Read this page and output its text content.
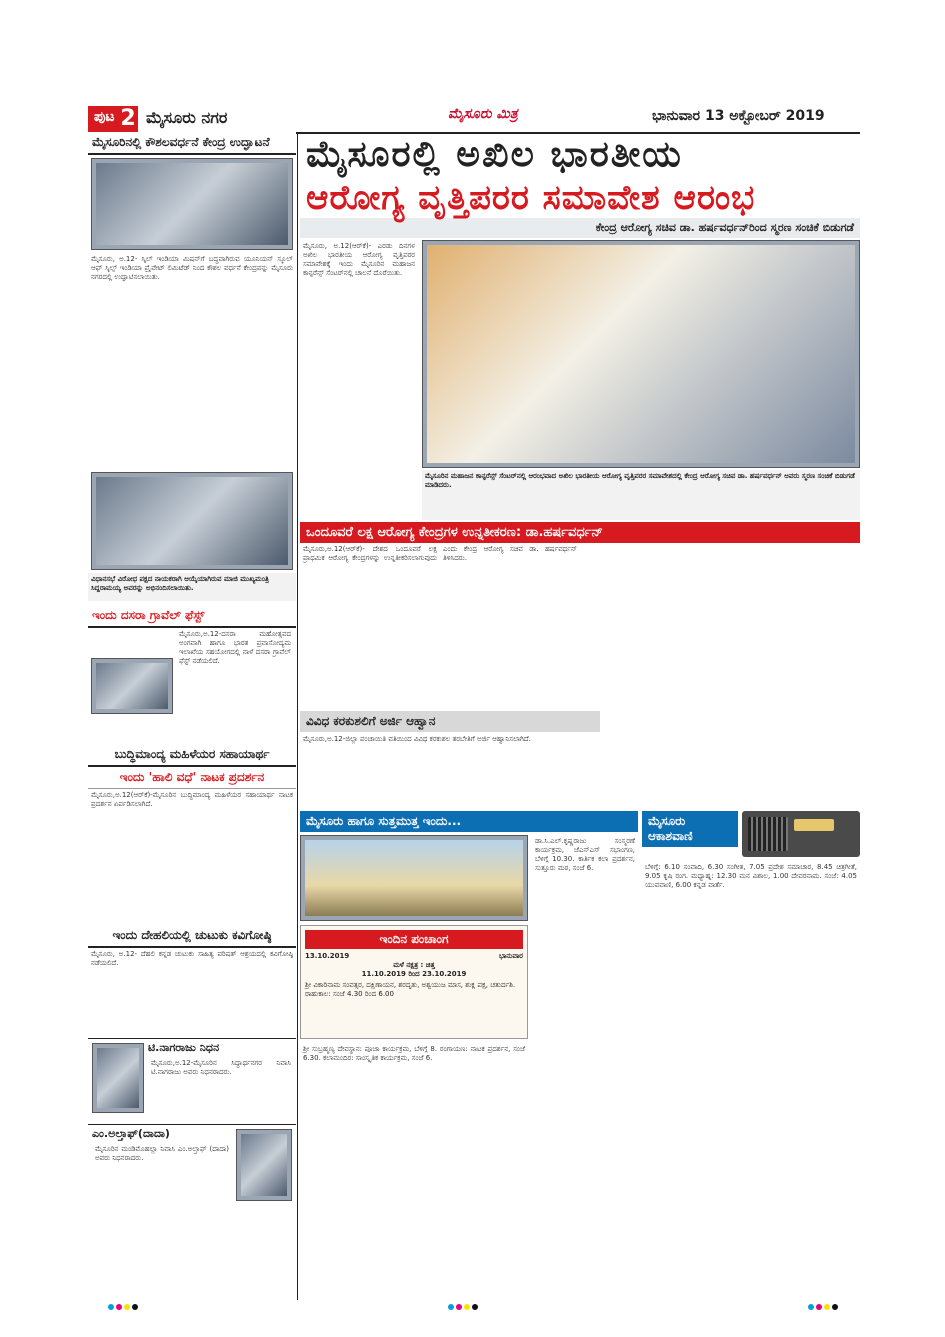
ಪುಟ 2 ಮೈಸೂರು ನಗರ	ಮೈಸೂರು ಮಿತ್ರ	ಭಾನುವಾರ 13 ಅಕ್ಟೋಬರ್ 2019
ಮೈಸೂರಿನಲ್ಲಿ ಕೌಶಲವರ್ಧನೆ ಕೇಂದ್ರ ಉದ್ಘಾಟನೆ
ಮೈಸೂರು, ಅ.12- ಸ್ಕಿಲ್ ಇಂಡಿಯಾ ಮಿಷನ್‌ಗೆ ಬದ್ಧವಾಗಿರುವ ಯೂನಿಯನ್ ಸ್ಕೂಲ್ ಆಫ್ ಸ್ಕಿಲ್ಸ್ ಇಂಡಿಯಾ ಪ್ರೈವೇಟ್ ಲಿಮಿಟೆಡ್ ನಿಂದ ಕೌಶಲ ವರ್ಧನೆ ಕೇಂದ್ರವನ್ನು ಮೈಸೂರು ನಗರದಲ್ಲಿ ಉದ್ಘಾಟಿಸಲಾಯಿತು.
ವಿಧಾನಸಭೆ ವಿರೋಧ ಪಕ್ಷದ ನಾಯಕರಾಗಿ ಆಯ್ಕೆಯಾಗಿರುವ ಮಾಜಿ ಮುಖ್ಯಮಂತ್ರಿ ಸಿದ್ದರಾಮಯ್ಯ ಅವರನ್ನು ಅಭಿನಂದಿಸಲಾಯಿತು.
ಇಂದು ದಸರಾ ಗ್ರಾವೆಲ್ ಫೆಸ್ಟ್
ಮೈಸೂರು,ಅ.12-ದಸರಾ ಮಹೋತ್ಸವದ ಅಂಗವಾಗಿ ಹಾಗೂ ಭಾರತ ಪ್ರವಾಸೋದ್ಯಮ ಇಲಾಖೆಯ ಸಹಯೋಗದಲ್ಲಿ ನಾಳೆ ದಸರಾ ಗ್ರಾವೆಲ್ ಫೆಸ್ಟ್ ನಡೆಯಲಿದೆ.
ಬುದ್ಧಿಮಾಂದ್ಯ ಮಹಿಳೆಯರ ಸಹಾಯಾರ್ಥ
ಇಂದು 'ಹಾಲಿ ವಧೆ' ನಾಟಕ ಪ್ರದರ್ಶನ
ಮೈಸೂರು,ಅ.12(ಆರ್‌ಕೆ)-ಮೈಸೂರಿನ ಬುದ್ಧಿಮಾಂದ್ಯ ಮಹಿಳೆಯರ ಸಹಾಯಾರ್ಥ ನಾಟಕ ಪ್ರದರ್ಶನ ಏರ್ಪಡಿಸಲಾಗಿದೆ.
ಇಂದು ದೇಹಲಿಯಲ್ಲಿ ಚುಟುಕು ಕವಿಗೋಷ್ಠಿ
ಮೈಸೂರು, ಅ.12- ದೆಹಲಿ ಕನ್ನಡ ಚುಟುಕು ಸಾಹಿತ್ಯ ಪರಿಷತ್ ಆಶ್ರಯದಲ್ಲಿ ಕವಿಗೋಷ್ಠಿ ನಡೆಯಲಿದೆ.
ಟಿ.ನಾಗರಾಜು ನಿಧನ
ಮೈಸೂರು,ಅ.12-ಮೈಸೂರಿನ ಸಿದ್ಧಾರ್ಥನಗರ ನಿವಾಸಿ ಟಿ.ನಾಗರಾಜು ಅವರು ನಿಧನರಾದರು.
ಎಂ.ಅಲ್ತಾಫ್(ದಾದಾ)
ಮೈಸೂರಿನ ಮಂಡಿಮೊಹಲ್ಲಾ ನಿವಾಸಿ ಎಂ.ಅಲ್ತಾಫ್ (ದಾದಾ) ಅವರು ನಿಧನರಾದರು.
ಮೈಸೂರಲ್ಲಿ ಅಖಿಲ ಭಾರತೀಯ
ಆರೋಗ್ಯ ವೃತ್ತಿಪರರ ಸಮಾವೇಶ ಆರಂಭ
ಕೇಂದ್ರ ಆರೋಗ್ಯ ಸಚಿವ ಡಾ. ಹರ್ಷವರ್ಧನ್‌ರಿಂದ ಸ್ಮರಣ ಸಂಚಿಕೆ ಬಿಡುಗಡೆ
ಮೈಸೂರು, ಅ.12(ಆರ್‌ಕೆ)- ಎರಡು ದಿನಗಳ ಅಖಿಲ ಭಾರತೀಯ ಆರೋಗ್ಯ ವೃತ್ತಿಪರರ ಸಮಾವೇಶಕ್ಕೆ ಇಂದು ಮೈಸೂರಿನ ಮಹಾಜನ ಕಾನ್ಫರೆನ್ಸ್ ಸೆಂಟರ್‌ನಲ್ಲಿ ಚಾಲನೆ ದೊರೆಯಿತು.
ಮೈಸೂರಿನ ಮಹಾಜನ ಕಾನ್ಫರೆನ್ಸ್ ಸೆಂಟರ್‌ನಲ್ಲಿ ಆರಂಭವಾದ ಅಖಿಲ ಭಾರತೀಯ ಆರೋಗ್ಯ ವೃತ್ತಿಪರರ ಸಮಾವೇಶದಲ್ಲಿ ಕೇಂದ್ರ ಆರೋಗ್ಯ ಸಚಿವ ಡಾ. ಹರ್ಷವರ್ಧನ್ ಅವರು ಸ್ಮರಣ ಸಂಚಿಕೆ ಬಿಡುಗಡೆ ಮಾಡಿದರು.
ಒಂದೂವರೆ ಲಕ್ಷ ಆರೋಗ್ಯ ಕೇಂದ್ರಗಳ ಉನ್ನತೀಕರಣ: ಡಾ.ಹರ್ಷವರ್ಧನ್
ಮೈಸೂರು,ಅ.12(ಆರ್‌ಕೆ)- ದೇಶದ ಒಂದೂವರೆ ಲಕ್ಷ ಪ್ರಾಥಮಿಕ ಆರೋಗ್ಯ ಕೇಂದ್ರಗಳನ್ನು ಉನ್ನತೀಕರಿಸಲಾಗುವುದು ಎಂದು ಕೇಂದ್ರ ಆರೋಗ್ಯ ಸಚಿವ ಡಾ. ಹರ್ಷವರ್ಧನ್ ತಿಳಿಸಿದರು.
ವಿವಿಧ ಕರಕುಶಲಿಗೆ ಅರ್ಜಿ ಆಹ್ವಾನ
ಮೈಸೂರು,ಅ.12-ಜಿಲ್ಲಾ ಪಂಚಾಯಿತಿ ವತಿಯಿಂದ ವಿವಿಧ ಕರಕುಶಲ ತರಬೇತಿಗೆ ಅರ್ಜಿ ಆಹ್ವಾನಿಸಲಾಗಿದೆ.
ಮೈಸೂರು ಹಾಗೂ ಸುತ್ತಮುತ್ತ ಇಂದು...
ಇಂದಿನ ಪಂಚಾಂಗ
13.10.2019	ಭಾನುವಾರ
ಮಳೆ ನಕ್ಷತ್ರ : ಚಿತ್ತ
11.10.2019 ರಿಂದ 23.10.2019
ಶ್ರೀ ವಿಕಾರಿನಾಮ ಸಂವತ್ಸರ, ದಕ್ಷಿಣಾಯನ, ಶರದೃತು, ಅಶ್ವಯುಜ ಮಾಸ, ಶುಕ್ಲ ಪಕ್ಷ, ಚತುರ್ದಶಿ. ರಾಹುಕಾಲ: ಸಂಜೆ 4.30 ರಿಂದ 6.00
ಶ್ರೀ ಸುಬ್ರಹ್ಮಣ್ಯ ದೇವಸ್ಥಾನ: ಪೂಜಾ ಕಾರ್ಯಕ್ರಮ, ಬೆಳಿಗ್ಗೆ 8. ರಂಗಾಯಣ: ನಾಟಕ ಪ್ರದರ್ಶನ, ಸಂಜೆ 6.30. ಕಲಾಮಂದಿರ: ಸಾಂಸ್ಕೃತಿಕ ಕಾರ್ಯಕ್ರಮ, ಸಂಜೆ 6.
ಡಾ.ಸಿ.ಎಲ್.ಕೃಷ್ಣರಾಜು ಸಂಸ್ಮರಣೆ ಕಾರ್ಯಕ್ರಮ, ಜೆಎಸ್‌ಎಸ್ ಸಭಾಂಗಣ, ಬೆಳಿಗ್ಗೆ 10.30. ಕಾರ್ತಿಕ ಕಲಾ ಪ್ರದರ್ಶನ, ಸುತ್ತೂರು ಮಠ, ಸಂಜೆ 6.
ಮೈಸೂರು ಆಕಾಶವಾಣಿ
ಬೆಳಿಗ್ಗೆ: 6.10 ಸಂವಾದಿ, 6.30 ಸಂಗೀತ, 7.05 ಪ್ರದೇಶ ಸಮಾಚಾರ, 8.45 ಚಿತ್ರಗೀತೆ, 9.05 ಕೃಷಿ ರಂಗ. ಮಧ್ಯಾಹ್ನ: 12.30 ಮನ ವಿಶಾಲ, 1.00 ದೇವರನಾಮ. ಸಂಜೆ: 4.05 ಯುವವಾಣಿ, 6.00 ಕನ್ನಡ ವಾರ್ತೆ.
